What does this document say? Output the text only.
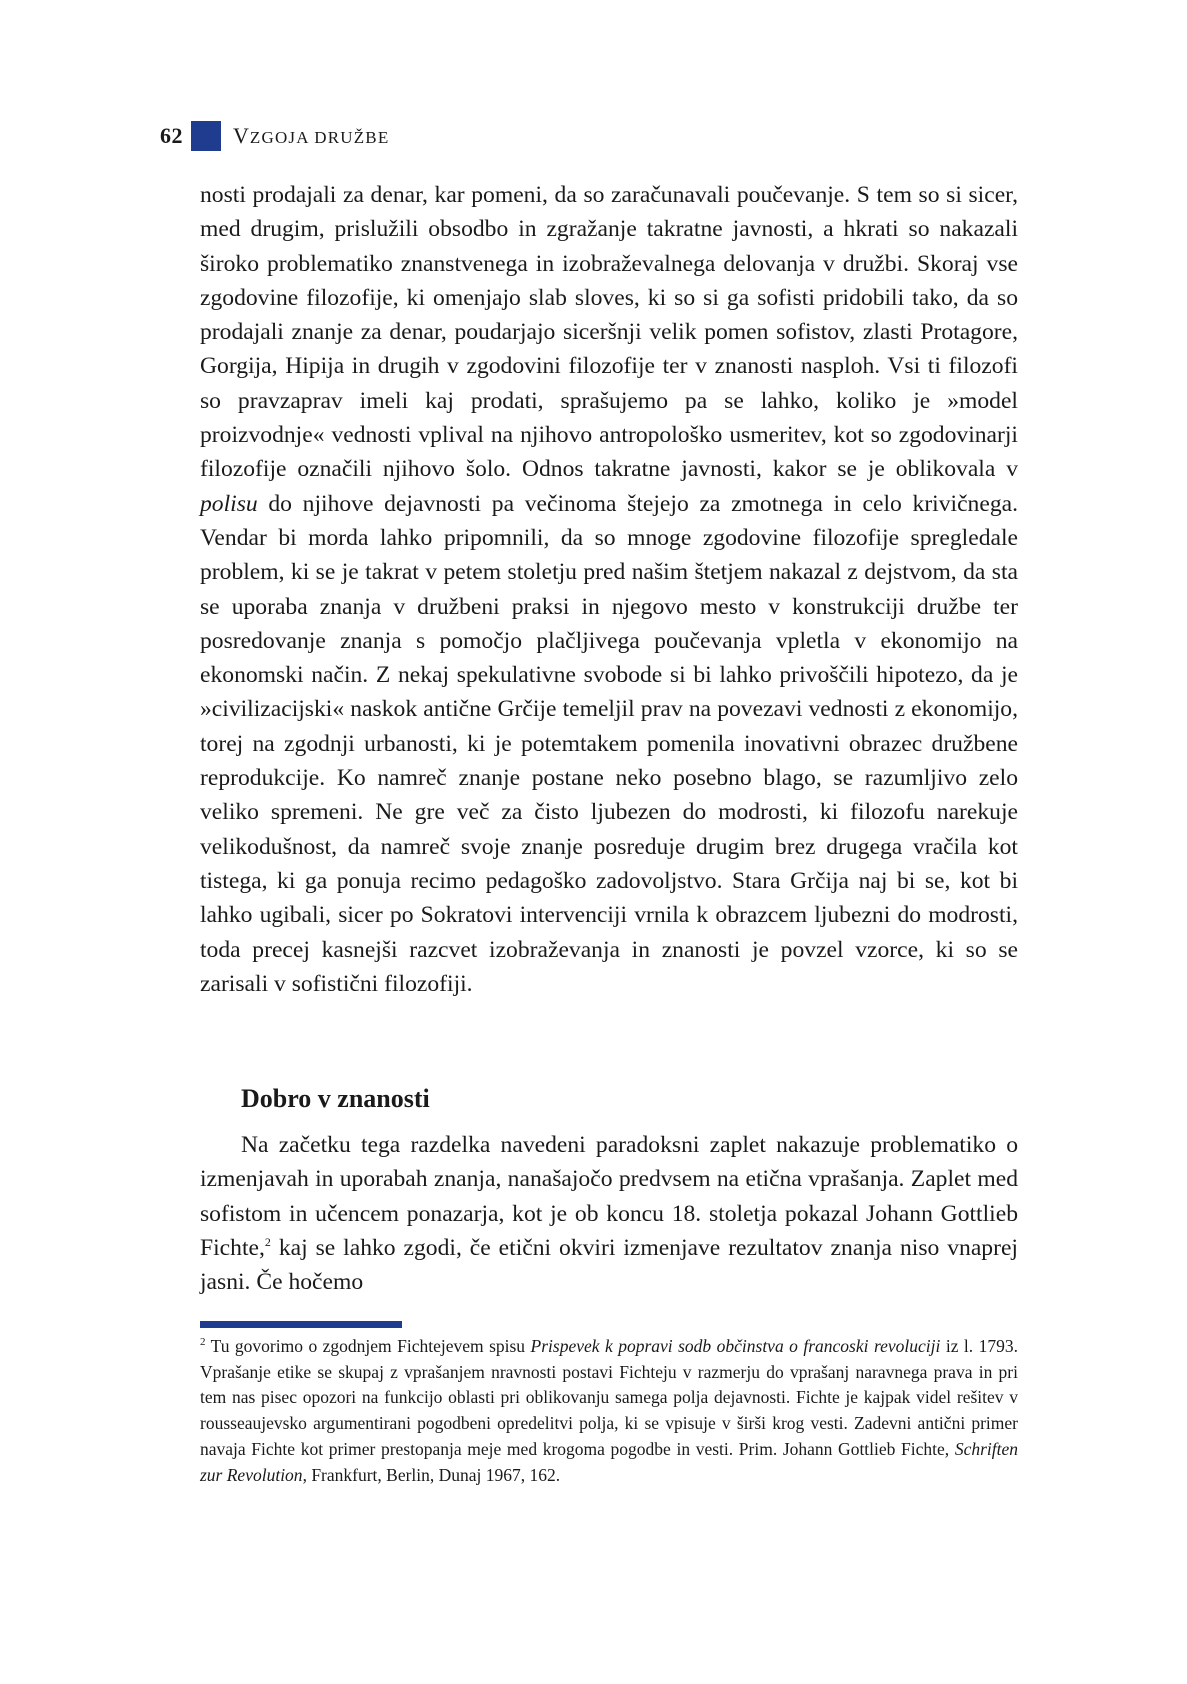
62 VZGOJA DRUŽBE
nosti prodajali za denar, kar pomeni, da so zaračunavali poučevanje. S tem so si sicer, med drugim, prislužili obsodbo in zgražanje takratne javnosti, a hkrati so nakazali široko problematiko znanstvenega in izobraževalnega delovanja v družbi. Skoraj vse zgodovine filozofije, ki omenjajo slab sloves, ki so si ga sofisti pridobili tako, da so prodajali znanje za denar, poudarjajo siceršnji velik pomen sofistov, zlasti Protagore, Gorgija, Hipija in drugih v zgodovini filozofije ter v znanosti nasploh. Vsi ti filozofi so pravzaprav imeli kaj prodati, sprašujemo pa se lahko, koliko je »model proizvodnje« vednosti vplival na njihovo antropološko usmeritev, kot so zgodovinarji filozofije označili njihovo šolo. Odnos takratne javnosti, kakor se je oblikovala v polisu do njihove dejavnosti pa večinoma štejejo za zmotnega in celo krivičnega. Vendar bi morda lahko pripomnili, da so mnoge zgodovine filozofije spregledale problem, ki se je takrat v petem stoletju pred našim štetjem nakazal z dejstvom, da sta se uporaba znanja v družbeni praksi in njegovo mesto v konstrukciji družbe ter posredovanje znanja s pomočjo plačljivega poučevanja vpletla v ekonomijo na ekonomski način. Z nekaj spekulativne svobode si bi lahko privoščili hipotezo, da je »civilizacijski« naskok antične Grčije temeljil prav na povezavi vednosti z ekonomijo, torej na zgodnji urbanosti, ki je potemtakem pomenila inovativni obrazec družbene reprodukcije. Ko namreč znanje postane neko posebno blago, se razumljivo zelo veliko spremeni. Ne gre več za čisto ljubezen do modrosti, ki filozofu narekuje velikodušnost, da namreč svoje znanje posreduje drugim brez drugega vračila kot tistega, ki ga ponuja recimo pedagoško zadovoljstvo. Stara Grčija naj bi se, kot bi lahko ugibali, sicer po Sokratovi intervenciji vrnila k obrazcem ljubezni do modrosti, toda precej kasnejši razcvet izobraževanja in znanosti je povzel vzorce, ki so se zarisali v sofistični filozofiji.
Dobro v znanosti
Na začetku tega razdelka navedeni paradoksni zaplet nakazuje problematiko o izmenjavah in uporabah znanja, nanašajočo predvsem na etična vprašanja. Zaplet med sofistom in učencem ponazarja, kot je ob koncu 18. stoletja pokazal Johann Gottlieb Fichte,$^2$ kaj se lahko zgodi, če etični okviri izmenjave rezultatov znanja niso vnaprej jasni. Če hočemo
$^2$ Tu govorimo o zgodnjem Fichtejevem spisu Prispevek k popravi sodb občinstva o francoski revoluciji iz l. 1793. Vprašanje etike se skupaj z vprašanjem nravnosti postavi Fichteju v razmerju do vprašanj naravnega prava in pri tem nas pisec opozori na funkcijo oblasti pri oblikovanju samega polja dejavnosti. Fichte je kajpak videl rešitev v rousseaujevsko argumentirani pogodbeni opredelitvi polja, ki se vpisuje v širši krog vesti. Zadevni antični primer navaja Fichte kot primer prestopanja meje med krogoma pogodbe in vesti. Prim. Johann Gottlieb Fichte, Schriften zur Revolution, Frankfurt, Berlin, Dunaj 1967, 162.
